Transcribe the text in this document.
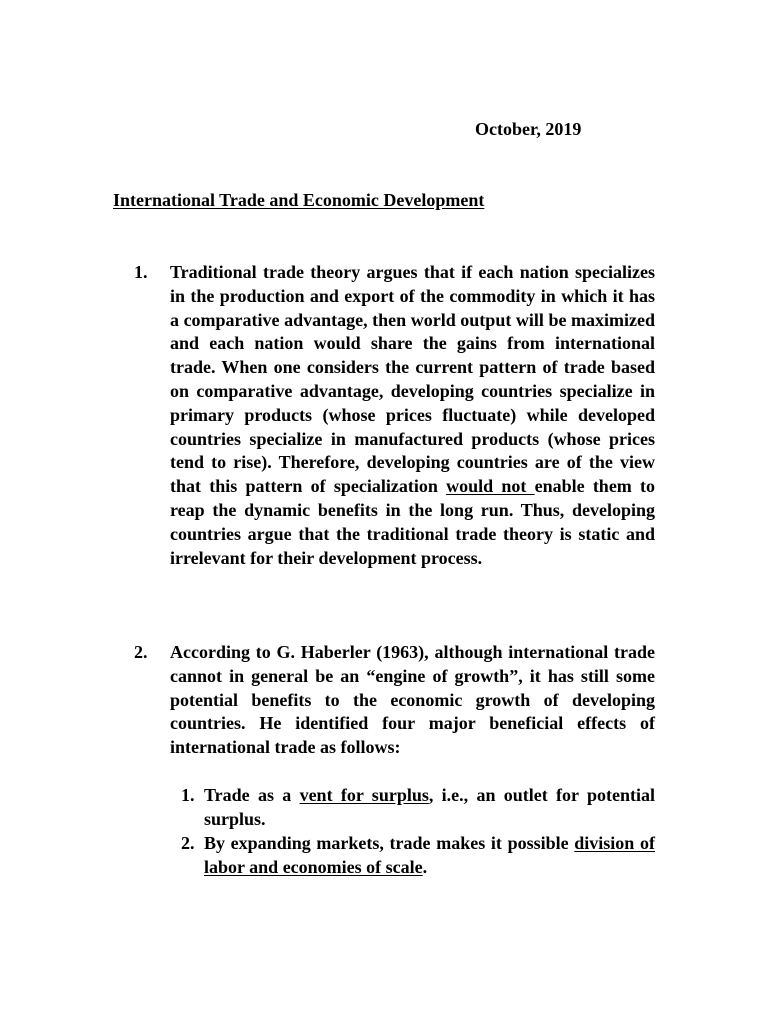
October, 2019
International Trade and Economic Development
1. Traditional trade theory argues that if each nation specializes in the production and export of the commodity in which it has a comparative advantage, then world output will be maximized and each nation would share the gains from international trade. When one considers the current pattern of trade based on comparative advantage, developing countries specialize in primary products (whose prices fluctuate) while developed countries specialize in manufactured products (whose prices tend to rise). Therefore, developing countries are of the view that this pattern of specialization would not enable them to reap the dynamic benefits in the long run. Thus, developing countries argue that the traditional trade theory is static and irrelevant for their development process.
2. According to G. Haberler (1963), although international trade cannot in general be an “engine of growth”, it has still some potential benefits to the economic growth of developing countries. He identified four major beneficial effects of international trade as follows:
1. Trade as a vent for surplus, i.e., an outlet for potential surplus.
2. By expanding markets, trade makes it possible division of labor and economies of scale.
